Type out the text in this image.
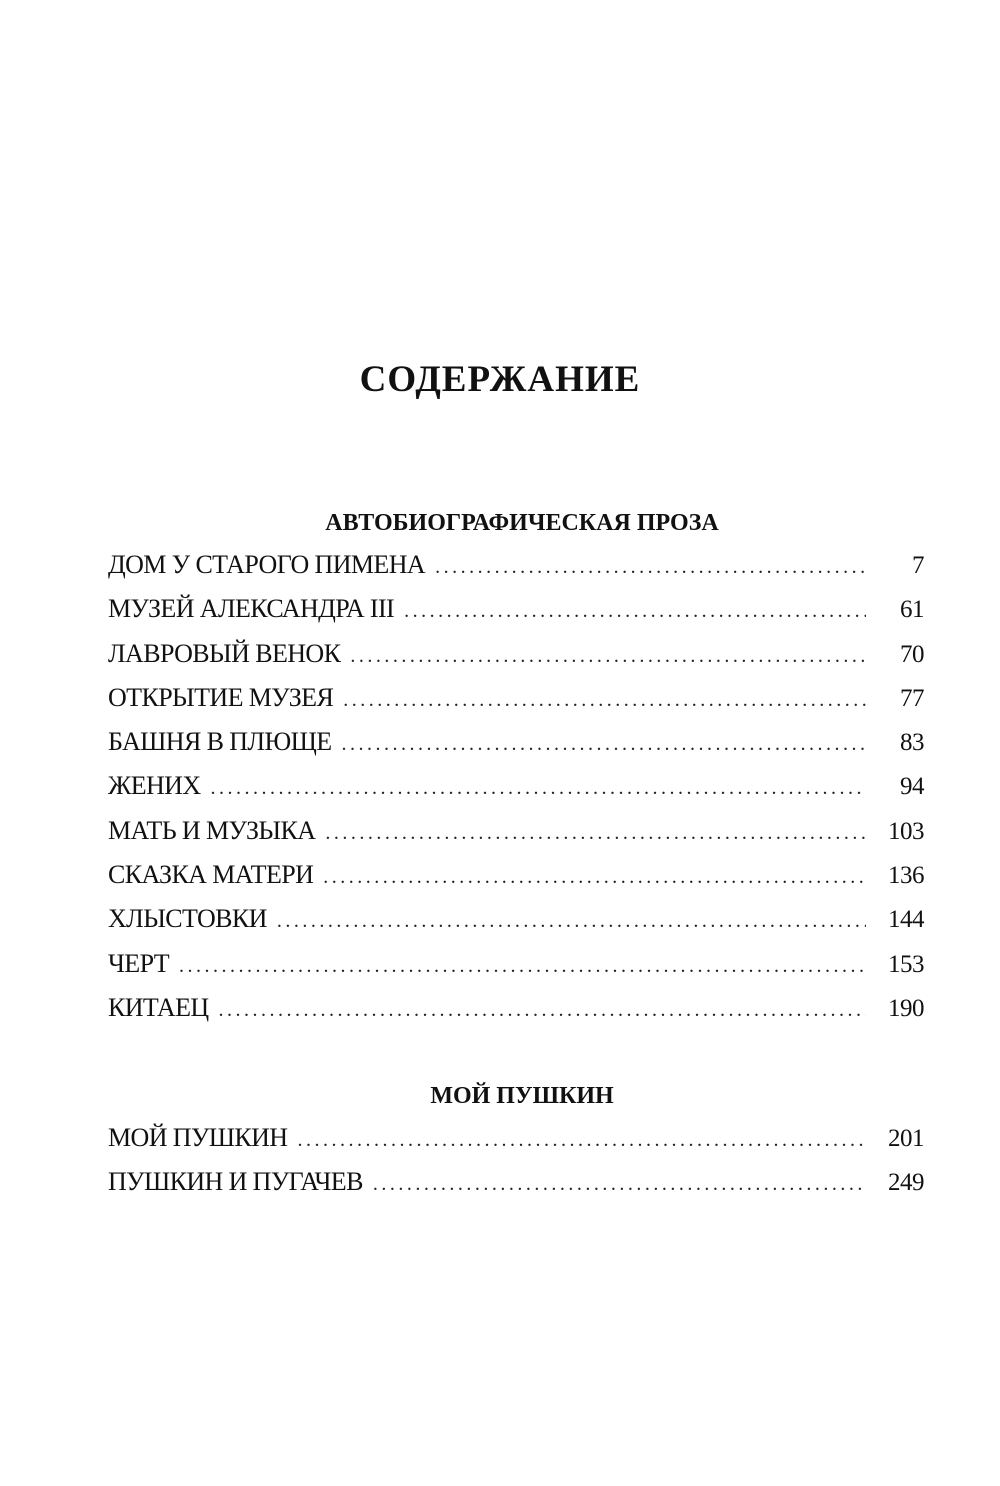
СОДЕРЖАНИЕ
АВТОБИОГРАФИЧЕСКАЯ ПРОЗА
ДОМ У СТАРОГО ПИМЕНА .....	7
МУЗЕЙ АЛЕКСАНДРА III .....	61
ЛАВРОВЫЙ ВЕНОК .....	70
ОТКРЫТИЕ МУЗЕЯ .....	77
БАШНЯ В ПЛЮЩЕ .....	83
ЖЕНИХ .....	94
МАТЬ И МУЗЫКА .....	103
СКАЗКА МАТЕРИ .....	136
ХЛЫСТОВКИ .....	144
ЧЕРТ .....	153
КИТАЕЦ .....	190
МОЙ ПУШКИН
МОЙ ПУШКИН .....	201
ПУШКИН И ПУГАЧЕВ .....	249
